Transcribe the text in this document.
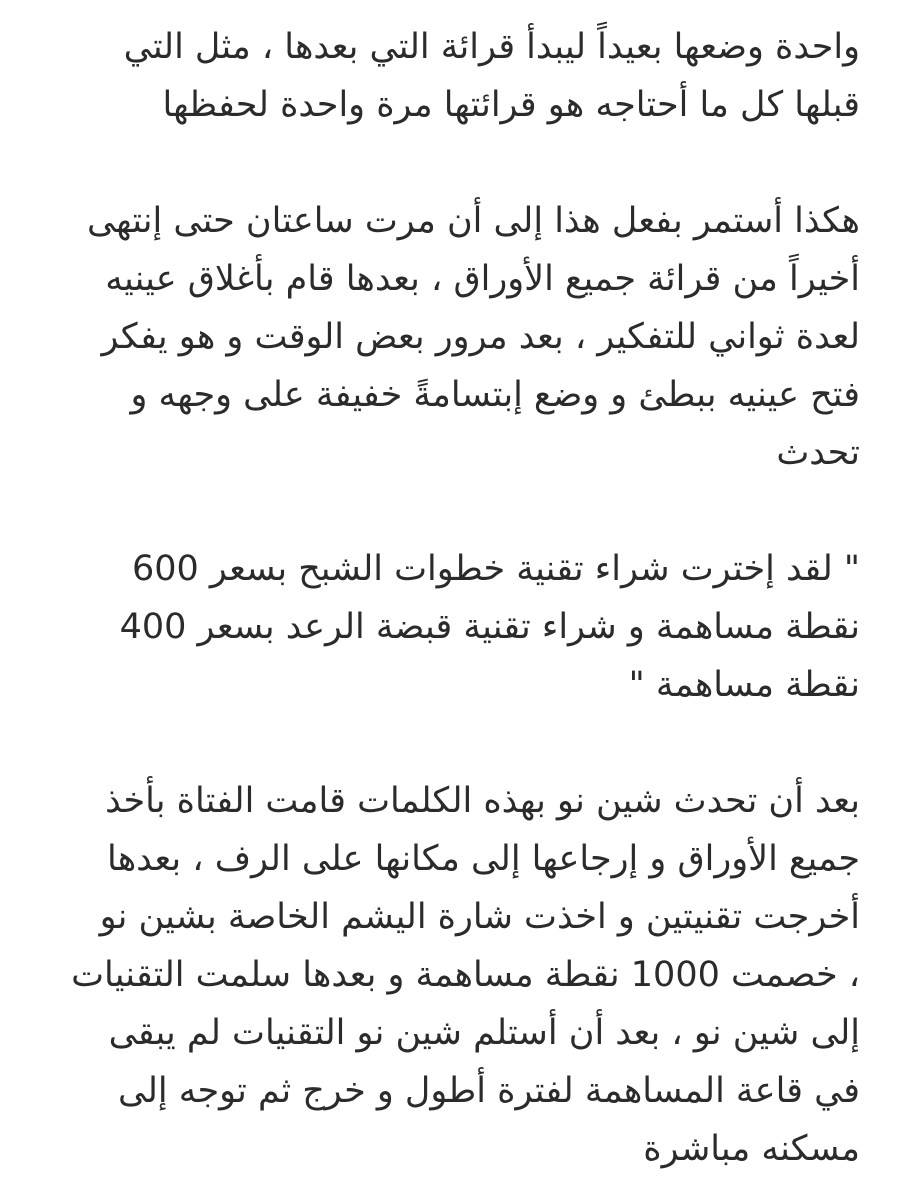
واحدة وضعها بعيداً ليبدأ قرائة التي بعدها ، مثل التي
قبلها كل ما أحتاجه هو قرائتها مرة واحدة لحفظها

هكذا أستمر بفعل هذا إلى أن مرت ساعتان حتى إنتهى
أخيراً من قرائة جميع الأوراق ، بعدها قام بأغلاق عينيه
لعدة ثواني للتفكير ، بعد مرور بعض الوقت و هو يفكر
فتح عينيه ببطئ و وضع إبتسامةً خفيفة على وجهه و
تحدث

" لقد إخترت شراء تقنية خطوات الشبح بسعر 600
نقطة مساهمة و شراء تقنية قبضة الرعد بسعر 400
نقطة مساهمة "

بعد أن تحدث شين نو بهذه الكلمات قامت الفتاة بأخذ
جميع الأوراق و إرجاعها إلى مكانها على الرف ، بعدها
أخرجت تقنيتين و اخذت شارة اليشم الخاصة بشين نو
، خصمت 1000 نقطة مساهمة و بعدها سلمت التقنيات
إلى شين نو ، بعد أن أستلم شين نو التقنيات لم يبقى
في قاعة المساهمة لفترة أطول و خرج ثم توجه إلى
مسكنه مباشرة
